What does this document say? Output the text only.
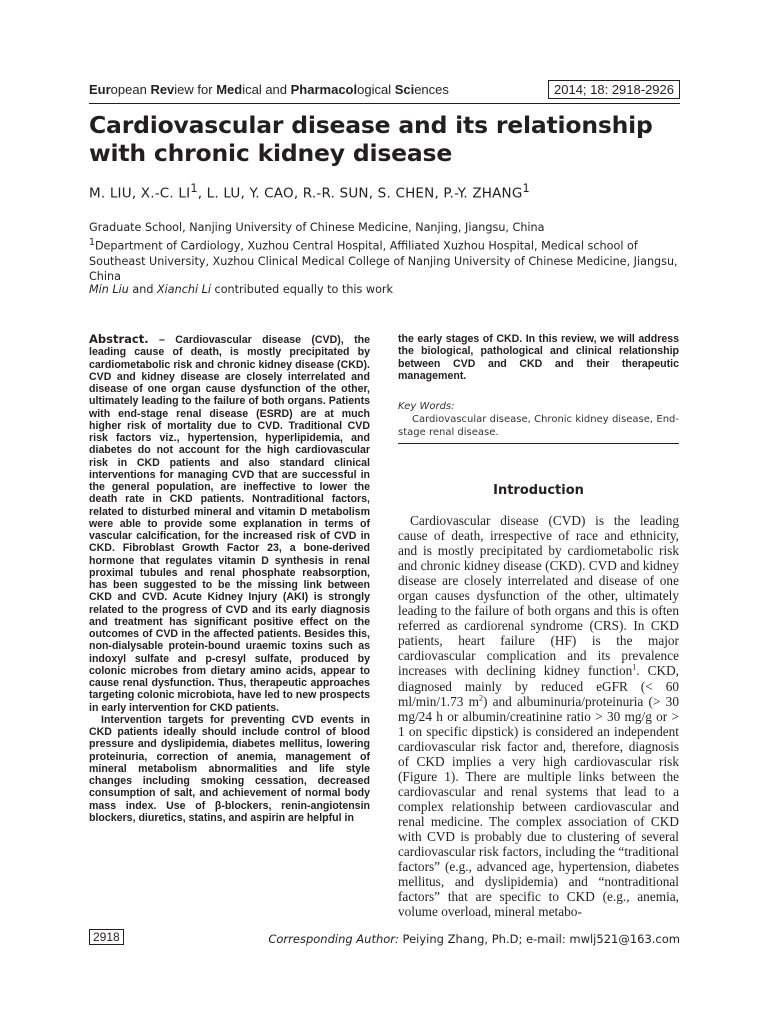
European Review for Medical and Pharmacological Sciences	2014; 18: 2918-2926
Cardiovascular disease and its relationship
with chronic kidney disease

M. LIU, X.-C. $LI^1$, L. LU, Y. CAO, R.-R. SUN, S. CHEN, P.-Y. ZHANG$^1$

Graduate School, Nanjing University of Chinese Medicine, Nanjing, Jiangsu, China

$^1$Department of Cardiology, Xuzhou Central Hospital, Affiliated Xuzhou Hospital, Medical school of Southeast University, Xuzhou Clinical Medical College of Nanjing University of Chinese Medicine, Jiangsu, China

Min Liu and Xianchi Li contributed equally to this work

Abstract. – Cardiovascular disease (CVD), the leading cause of death, is mostly precipitated by cardiometabolic risk and chronic kidney disease (CKD). CVD and kidney disease are closely interrelated and disease of one organ cause dysfunction of the other, ultimately leading to the failure of both organs. Patients with end-stage renal disease (ESRD) are at much higher risk of mortality due to CVD. Traditional CVD risk factors viz., hypertension, hyperlipidemia, and diabetes do not account for the high cardiovascular risk in CKD patients and also standard clinical interventions for managing CVD that are successful in the general population, are ineffective to lower the death rate in CKD patients. Nontraditional factors, related to disturbed mineral and vitamin D metabolism were able to provide some explanation in terms of vascular calcification, for the increased risk of CVD in CKD. Fibroblast Growth Factor 23, a bone-derived hormone that regulates vitamin D synthesis in renal proximal tubules and renal phosphate reabsorption, has been suggested to be the missing link between CKD and CVD. Acute Kidney Injury (AKI) is strongly related to the progress of CVD and its early diagnosis and treatment has significant positive effect on the outcomes of CVD in the affected patients. Besides this, non-dialysable protein-bound uraemic toxins such as indoxyl sulfate and p-cresyl sulfate, produced by colonic microbes from dietary amino acids, appear to cause renal dysfunction. Thus, therapeutic approaches targeting colonic microbiota, have led to new prospects in early intervention for CKD patients.

Intervention targets for preventing CVD events in CKD patients ideally should include control of blood pressure and dyslipidemia, diabetes mellitus, lowering proteinuria, correction of anemia, management of mineral metabolism abnormalities and life style changes including smoking cessation, decreased consumption of salt, and achievement of normal body mass index. Use of β-blockers, renin-angiotensin blockers, diuretics, statins, and aspirin are helpful in

the early stages of CKD. In this review, we will address the biological, pathological and clinical relationship between CVD and CKD and their therapeutic management.

Key Words:

Cardiovascular disease, Chronic kidney disease, End-stage renal disease.

Introduction

Cardiovascular disease (CVD) is the leading cause of death, irrespective of race and ethnicity, and is mostly precipitated by cardiometabolic risk and chronic kidney disease (CKD). CVD and kidney disease are closely interrelated and disease of one organ causes dysfunction of the other, ultimately leading to the failure of both organs and this is often referred as cardiorenal syndrome (CRS). In CKD patients, heart failure (HF) is the major cardiovascular complication and its prevalence increases with declining kidney function$^1$. CKD, diagnosed mainly by reduced eGFR (< 60 ml/min/1.73 $m^2$) and albuminuria/proteinuria (> 30 mg/24 h or albumin/creatinine ratio > 30 mg/g or > 1 on specific dipstick) is considered an independent cardiovascular risk factor and, therefore, diagnosis of CKD implies a very high cardiovascular risk (Figure 1). There are multiple links between the cardiovascular and renal systems that lead to a complex relationship between cardiovascular and renal medicine. The complex association of CKD with CVD is probably due to clustering of several cardiovascular risk factors, including the “traditional factors” (e.g., advanced age, hypertension, diabetes mellitus, and dyslipidemia) and “nontraditional factors” that are specific to CKD (e.g., anemia, volume overload, mineral metabo-

2918	Corresponding Author: Peiying Zhang, Ph.D; e-mail: mwlj521@163.com
